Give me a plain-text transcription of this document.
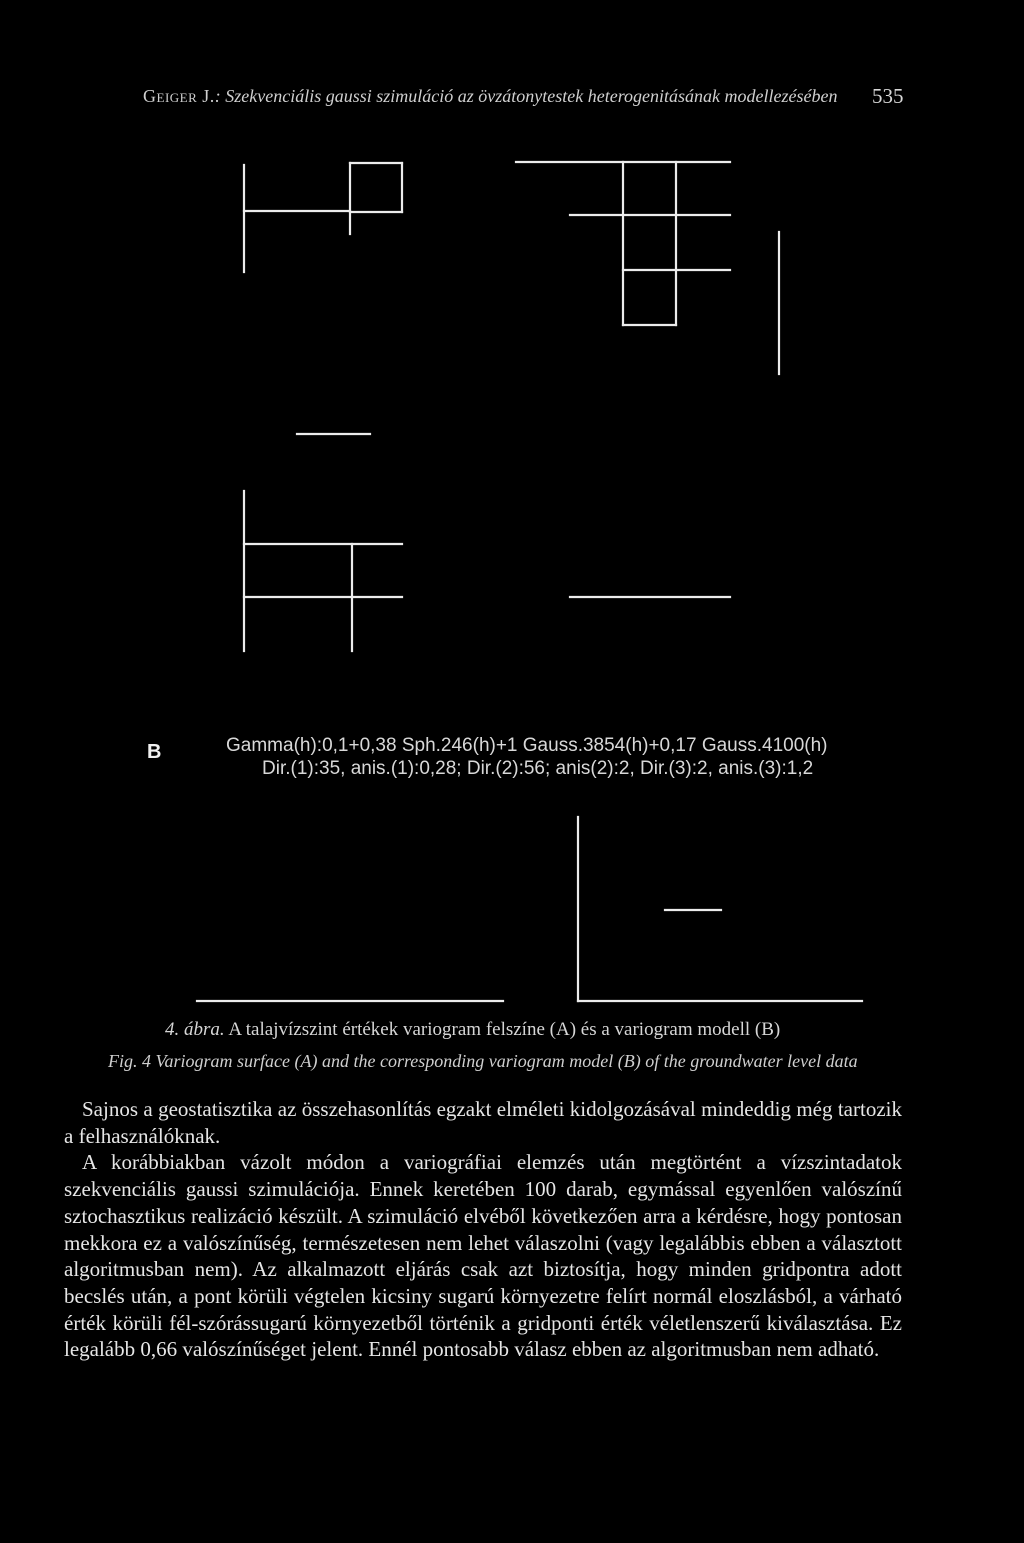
Geiger J.: Szekvenciális gaussi szimuláció az övzátonytestek heterogenitásának modellezésében	535
B	Gamma(h):0,1+0,38 Sph.246(h)+1 Gauss.3854(h)+0,17 Gauss.4100(h)
Dir.(1):35, anis.(1):0,28; Dir.(2):56; anis(2):2, Dir.(3):2, anis.(3):1,2
4. ábra. A talajvízszint értékek variogram felszíne (A) és a variogram modell (B)
Fig. 4 Variogram surface (A) and the corresponding variogram model (B) of the groundwater level data

Sajnos a geostatisztika az összehasonlítás egzakt elméleti kidolgozásával mindeddig még tartozik a felhasználóknak.

A korábbiakban vázolt módon a variográfiai elemzés után megtörtént a vízszintadatok szekvenciális gaussi szimulációja. Ennek keretében 100 darab, egymással egyenlően valószínű sztochasztikus realizáció készült. A szimuláció elvéből következően arra a kérdésre, hogy pontosan mekkora ez a valószínűség, természetesen nem lehet válaszolni (vagy legalábbis ebben a választott algoritmusban nem). Az alkalmazott eljárás csak azt biztosítja, hogy minden gridpontra adott becslés után, a pont körüli végtelen kicsiny sugarú környezetre felírt normál eloszlásból, a várható érték körüli fél-szórássugarú környezetből történik a gridponti érték véletlenszerű kiválasztása. Ez legalább 0,66 valószínűséget jelent. Ennél pontosabb válasz ebben az algoritmusban nem adható.
